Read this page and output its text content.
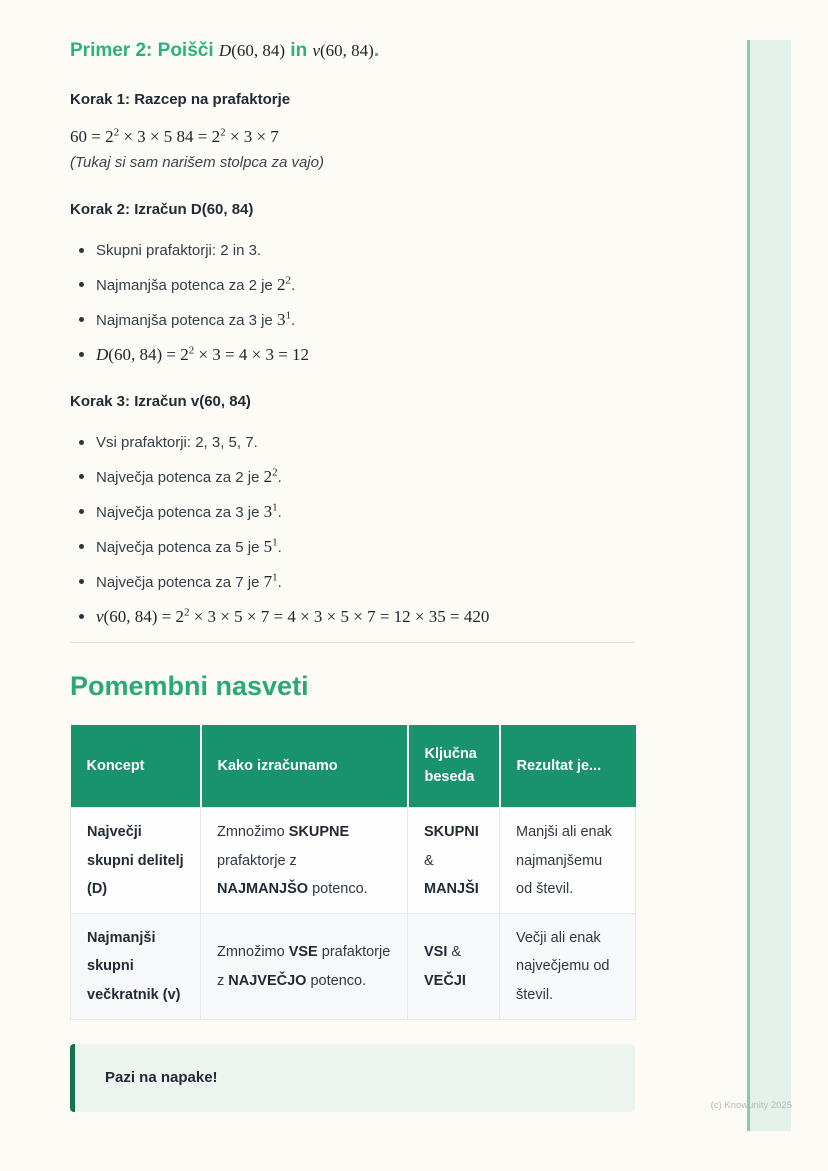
Primer 2: Poišči D(60, 84) in v(60, 84).
Korak 1: Razcep na prafaktorje
$60 = 2^2 \times 3 \times 5$ $84 = 2^2 \times 3 \times 7$
(Tukaj si sam narišem stolpca za vajo)
Korak 2: Izračun D(60, 84)
Skupni prafaktorji: 2 in 3.
Najmanjša potenca za 2 je $2^2$.
Najmanjša potenca za 3 je $3^1$.
D(60, $84) = 2^2 \times 3 = 4 \times 3 = 12$
Korak 3: Izračun v(60, 84)
Vsi prafaktorji: 2, 3, 5, 7.
Največja potenca za 2 je $2^2$.
Največja potenca za 3 je $3^1$.
Največja potenca za 5 je $5^1$.
Največja potenca za 7 je $7^1$.
v(60, $84) = 2^2 \times 3 \times 5 \times 7 = 4 \times 3 \times 5 \times 7 = 12 \times 35 = 420$
Pomembni nasveti
Koncept	Kako izračunamo	Ključna beseda	Rezultat je...
Največji skupni delitelj (D)	Zmnožimo SKUPNE prafaktorje z NAJMANJŠO potenco.	SKUPNI & MANJŠI	Manjši ali enak najmanjšemu od števil.
Najmanjši skupni večkratnik (v)	Zmnožimo VSE prafaktorje z NAJVEČJO potenco.	VSI & VEČJI	Večji ali enak največjemu od števil.
Pazi na napake!
(c) Knowunity 2025
